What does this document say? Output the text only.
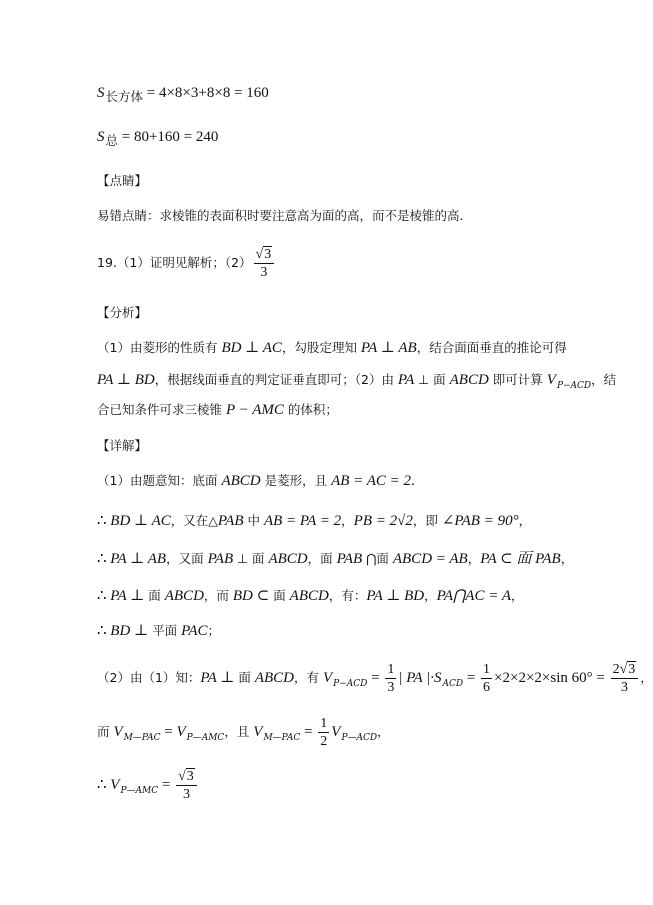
S长方体 = 4×8×3+8×8 = 160
S总 = 80+160 = 240
【点睛】
易错点睛：求棱锥的表面积时要注意高为面的高，而不是棱锥的高.
19.（1）证明见解析；$(2) \frac{√3}{3}$
【分析】
（1）由菱形的性质有 BD ⊥ AC，勾股定理知 PA ⊥ AB，结合面面垂直的推论可得
PA ⊥ BD，根据线面垂直的判定证垂直即可；（2）由 PA ⊥ 面 ABCD 即可计算 $V_{P-ACD}$，结
合已知条件可求三棱锥 P − AMC 的体积；
【详解】
（1）由题意知：底面 ABCD 是菱形，且 AB = AC = 2.
∴ BD ⊥ AC，又在△PAB 中 AB = PA = 2，PB = 2√2，即 ∠PAB = 90°，
∴ PA ⊥ AB，又面 PAB ⊥ 面 ABCD，面 PAB ⋂面 ABCD = AB，PA ⊂ 面 PAB，
∴ PA ⊥ 面 ABCD，而 BD ⊂ 面 ABCD，有：PA ⊥ BD，PA⋂AC = A，
∴ BD ⊥ 平面 PAC；
（2）由（1）知：PA ⊥ 面 ABCD，有 $V_{P-ACD} = \frac{1}{3}$ | PA $|\cdot S_{ACD} = \frac{1}{6} \times 2\times 2\times 2\times\sin$ $60^\circ = \frac{2√3}{3}$ ，
而 $V_{M—PAC} = V_{P—AMC}$，且 $V_{M—PAC} = \frac{1}{2} V_{P—ACD}$，
∴ $V_{P—AMC} = \frac{√3}{3}$
